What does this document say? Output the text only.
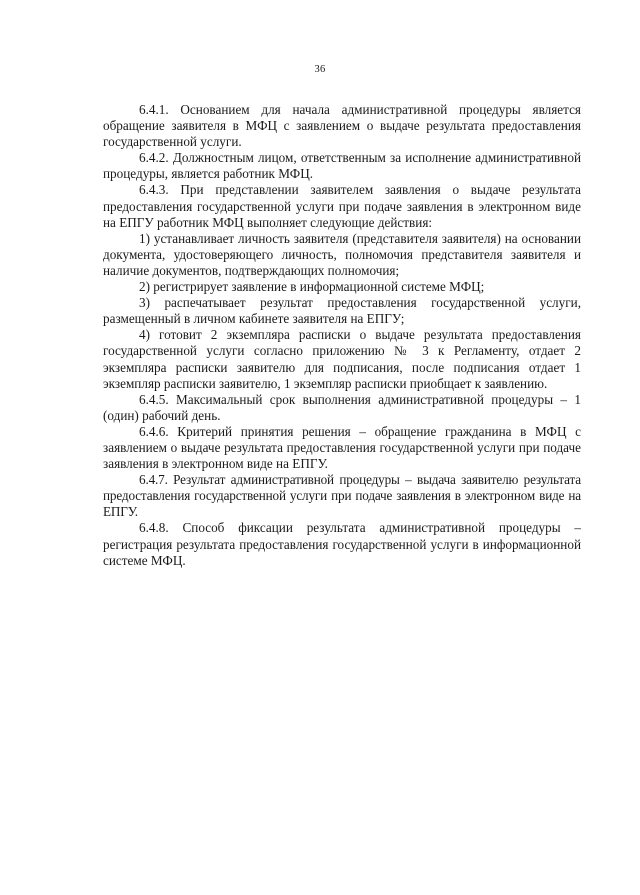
36

6.4.1. Основанием для начала административной процедуры является обращение заявителя в МФЦ с заявлением о выдаче результата предоставления государственной услуги.

6.4.2. Должностным лицом, ответственным за исполнение административной процедуры, является работник МФЦ.

6.4.3. При представлении заявителем заявления о выдаче результата предоставления государственной услуги при подаче заявления в электронном виде на ЕПГУ работник МФЦ выполняет следующие действия:

1) устанавливает личность заявителя (представителя заявителя) на основании документа, удостоверяющего личность, полномочия представителя заявителя и наличие документов, подтверждающих полномочия;

2) регистрирует заявление в информационной системе МФЦ;

3) распечатывает результат предоставления государственной услуги, размещенный в личном кабинете заявителя на ЕПГУ;

4) готовит 2 экземпляра расписки о выдаче результата предоставления государственной услуги согласно приложению № 3 к Регламенту, отдает 2 экземпляра расписки заявителю для подписания, после подписания отдает 1 экземпляр расписки заявителю, 1 экземпляр расписки приобщает к заявлению.

6.4.5. Максимальный срок выполнения административной процедуры – 1 (один) рабочий день.

6.4.6. Критерий принятия решения – обращение гражданина в МФЦ с заявлением о выдаче результата предоставления государственной услуги при подаче заявления в электронном виде на ЕПГУ.

6.4.7. Результат административной процедуры – выдача заявителю результата предоставления государственной услуги при подаче заявления в электронном виде на ЕПГУ.

6.4.8. Способ фиксации результата административной процедуры – регистрация результата предоставления государственной услуги в информационной системе МФЦ.
